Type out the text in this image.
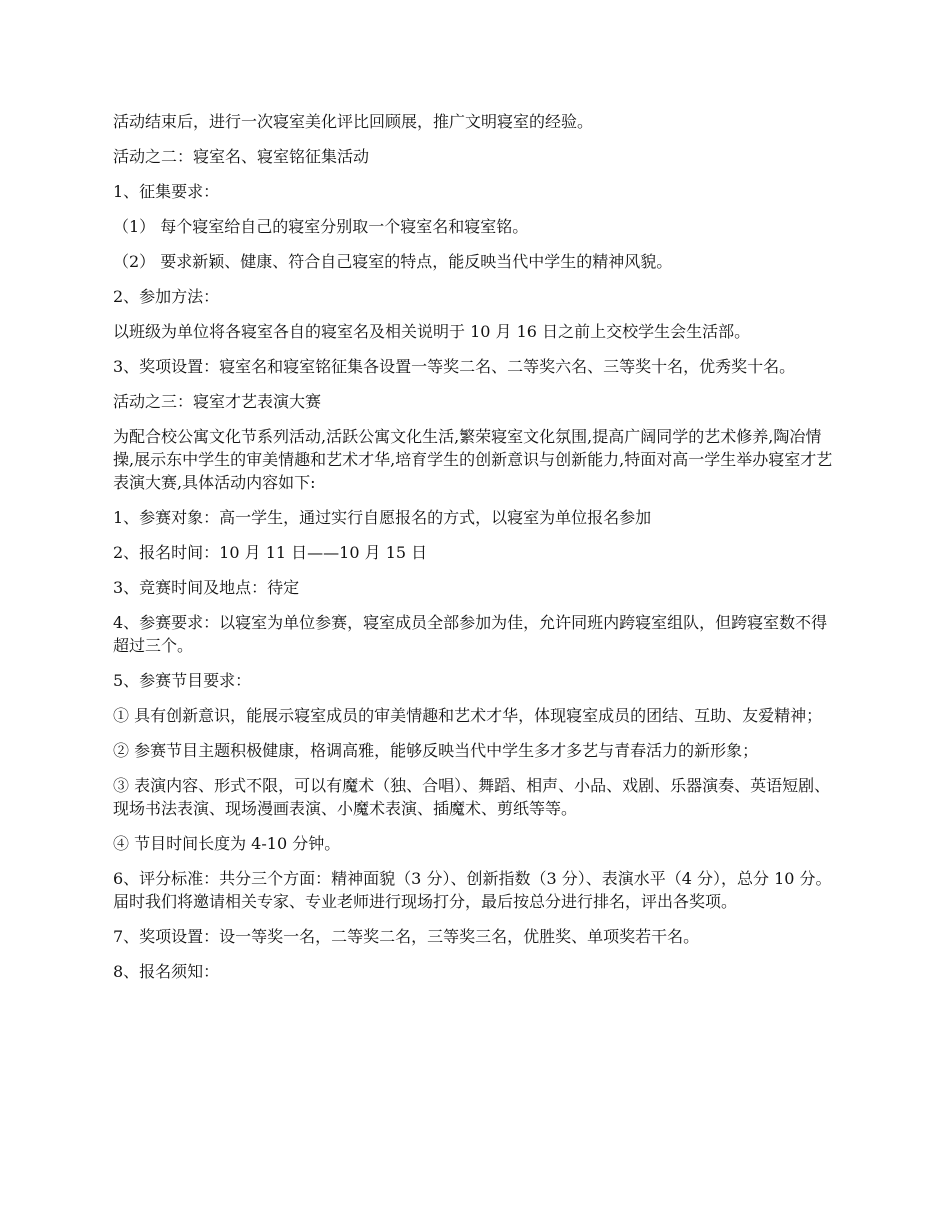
活动结束后，进行一次寝室美化评比回顾展，推广文明寝室的经验。

活动之二：寝室名、寝室铭征集活动

1、征集要求：

（1） 每个寝室给自己的寝室分别取一个寝室名和寝室铭。

（2） 要求新颖、健康、符合自己寝室的特点，能反映当代中学生的精神风貌。

2、参加方法：

以班级为单位将各寝室各自的寝室名及相关说明于 10 月 16 日之前上交校学生会生活部。

3、奖项设置：寝室名和寝室铭征集各设置一等奖二名、二等奖六名、三等奖十名，优秀奖十名。

活动之三：寝室才艺表演大赛

为配合校公寓文化节系列活动,活跃公寓文化生活,繁荣寝室文化氛围,提高广阔同学的艺术修养,陶冶情操,展示东中学生的审美情趣和艺术才华,培育学生的创新意识与创新能力,特面对高一学生举办寝室才艺表演大赛,具体活动内容如下:

1、参赛对象：高一学生，通过实行自愿报名的方式，以寝室为单位报名参加

2、报名时间：10 月 11 日——10 月 15 日

3、竞赛时间及地点：待定

4、参赛要求：以寝室为单位参赛，寝室成员全部参加为佳，允许同班内跨寝室组队，但跨寝室数不得超过三个。

5、参赛节目要求：

① 具有创新意识，能展示寝室成员的审美情趣和艺术才华，体现寝室成员的团结、互助、友爱精神；

② 参赛节目主题积极健康，格调高雅，能够反映当代中学生多才多艺与青春活力的新形象；

③ 表演内容、形式不限，可以有魔术（独、合唱）、舞蹈、相声、小品、戏剧、乐器演奏、英语短剧、现场书法表演、现场漫画表演、小魔术表演、插魔术、剪纸等等。

④ 节目时间长度为 4-10 分钟。

6、评分标准：共分三个方面：精神面貌（3 分）、创新指数（3 分）、表演水平（4 分），总分 10 分。届时我们将邀请相关专家、专业老师进行现场打分，最后按总分进行排名，评出各奖项。

7、奖项设置：设一等奖一名，二等奖二名，三等奖三名，优胜奖、单项奖若干名。

8、报名须知：
